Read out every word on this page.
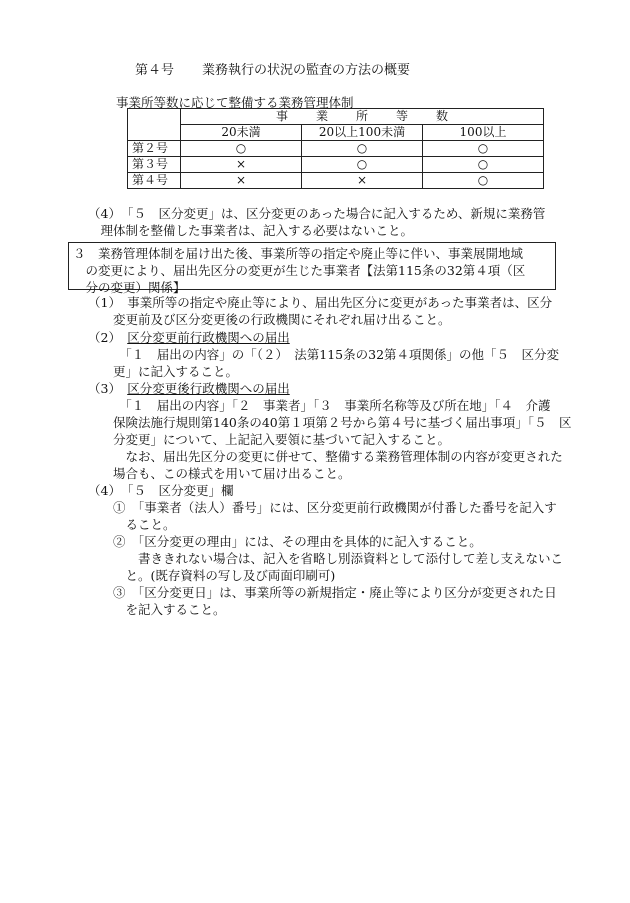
第４号 業務執行の状況の監査の方法の概要
事業所等数に応じて整備する業務管理体制
	事業所等数		
	20未満	20以上100未満	100以上
第２号	○	○	○
第３号	×	○	○
第４号	×	×	○
（4）　「５　区分変更」は、区分変更のあった場合に記入するため、新規に業務管
　理体制を整備した事業者は、記入する必要はないこと。
３　業務管理体制を届け出た後、事業所等の指定や廃止等に伴い、事業展開地域
　の変更により、届出先区分の変更が生じた事業者【法第115条の32第４項（区
　分の変更）関係】
（1）　事業所等の指定や廃止等により、届出先区分に変更があった事業者は、区分
　　変更前及び区分変更後の行政機関にそれぞれ届け出ること。
（2）　区分変更前行政機関への届出
　　　「１　届出の内容」の「（２）　法第115条の32第４項関係」の他「５　区分変
　　更」に記入すること。
（3）　区分変更後行政機関への届出
　　　「１　届出の内容」「２　事業者」「３　事業所名称等及び所在地」「４　介護
　　保険法施行規則第140条の40第１項第２号から第４号に基づく届出事項」「５　区
　　分変更」について、上記記入要領に基づいて記入すること。
　　　なお、届出先区分の変更に併せて、整備する業務管理体制の内容が変更された
　　場合も、この様式を用いて届け出ること。
（4）　「５　区分変更」欄
　　①　「事業者（法人）番号」には、区分変更前行政機関が付番した番号を記入す
　　　ること。
　　②　「区分変更の理由」には、その理由を具体的に記入すること。
　　　　書ききれない場合は、記入を省略し別添資料として添付して差し支えないこ
　　　と。(既存資料の写し及び両面印刷可)
　　③　「区分変更日」は、事業所等の新規指定・廃止等により区分が変更された日
　　　を記入すること。
